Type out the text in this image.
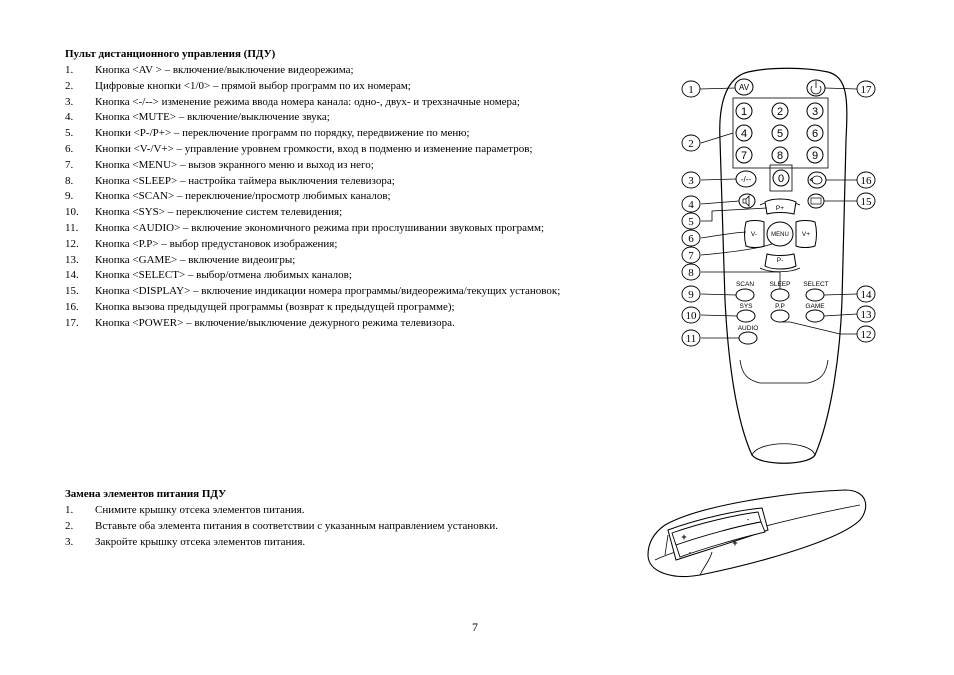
Пульт дистанционного управления (ПДУ)
1. Кнопка <AV > – включение/выключение видеорежима;
2. Цифровые кнопки <1/0> – прямой выбор программ по их номерам;
3. Кнопка <-/--> изменение режима ввода номера канала: одно-, двух- и трехзначные номера;
4. Кнопка <MUTE> – включение/выключение звука;
5. Кнопки <P-/P+> – переключение программ по порядку, передвижение по меню;
6. Кнопки <V-/V+> – управление уровнем громкости, вход в подменю и изменение параметров;
7. Кнопка <MENU> – вызов экранного меню и выход из него;
8. Кнопка <SLEEP> – настройка таймера выключения телевизора;
9. Кнопка <SCAN> – переключение/просмотр любимых каналов;
10. Кнопка <SYS> – переключение систем телевидения;
11. Кнопка <AUDIO> – включение экономичного режима при прослушивании звуковых программ;
12. Кнопка <P.P> – выбор предустановок изображения;
13. Кнопка <GAME> – включение видеоигры;
14. Кнопка <SELECT> – выбор/отмена любимых каналов;
15. Кнопка <DISPLAY> – включение индикации номера программы/видеорежима/текущих установок;
16. Кнопка вызова предыдущей программы (возврат к предыдущей программе);
17. Кнопка <POWER> – включение/выключение дежурного режима телевизора.
Замена элементов питания ПДУ
1. Снимите крышку отсека элементов питания.
2. Вставьте оба элемента питания в соответствии с указанным направлением установки.
3. Закройте крышку отсека элементов питания.
7
AV
1	2	3
4	5	6
7	8	9
0
-/--
P+
V- MENU V+
P-
SCAN SLEEP SELECT
SYS	P.P	GAME
AUDIO
1
2
3
4
5
6
7
8
9
10
11	12
13
14
15
16
17
+
+
-
-
